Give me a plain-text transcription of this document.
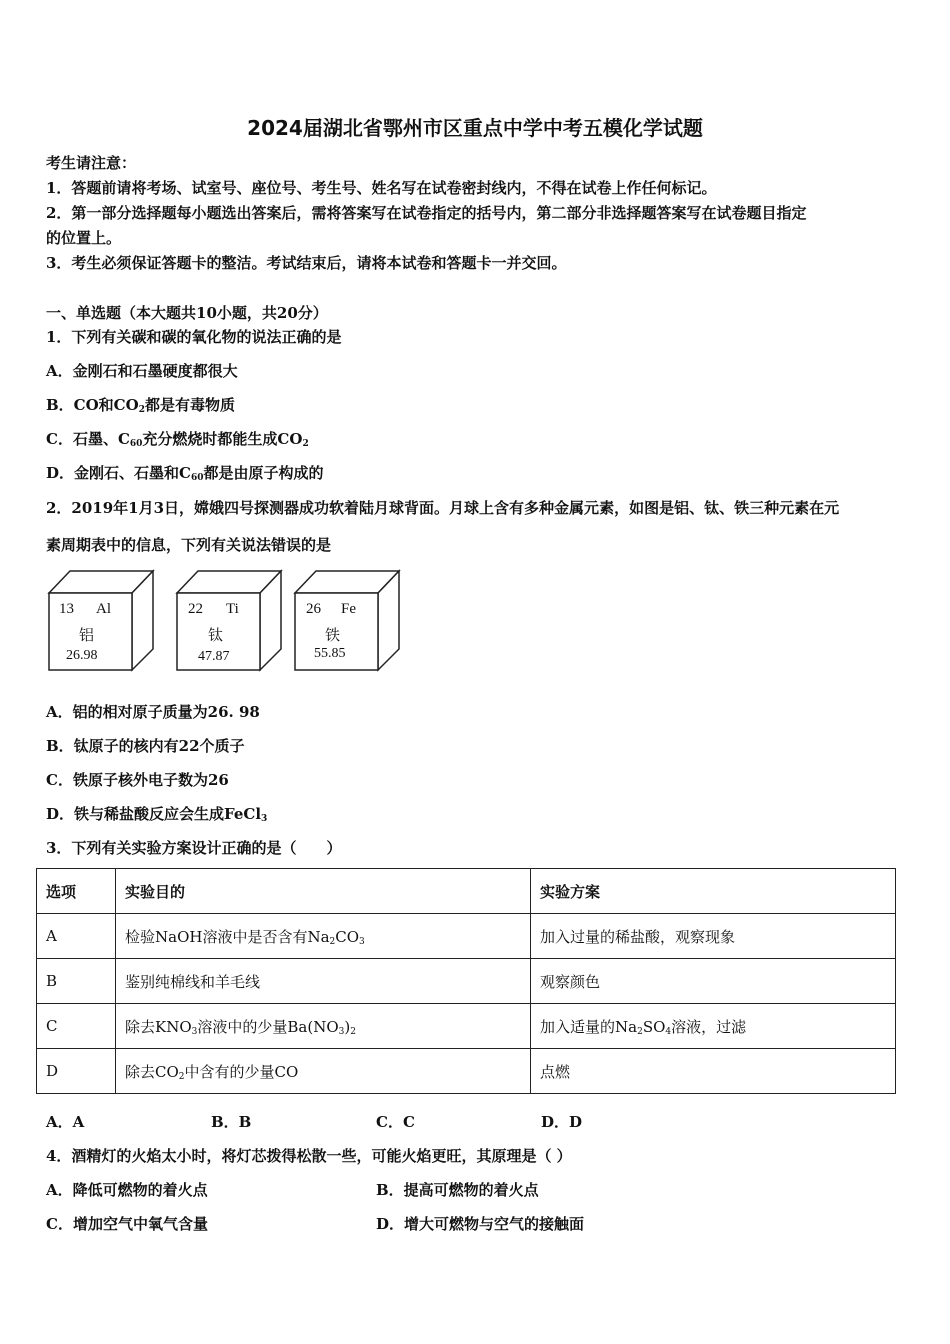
2024届湖北省鄂州市区重点中学中考五模化学试题
考生请注意：
1．答题前请将考场、试室号、座位号、考生号、姓名写在试卷密封线内，不得在试卷上作任何标记。
2．第一部分选择题每小题选出答案后，需将答案写在试卷指定的括号内，第二部分非选择题答案写在试卷题目指定
的位置上。
3．考生必须保证答题卡的整洁。考试结束后，请将本试卷和答题卡一并交回。
一、单选题（本大题共10小题，共20分）
1．下列有关碳和碳的氧化物的说法正确的是
A．金刚石和石墨硬度都很大
B．CO和$CO_2$都是有毒物质
C．石墨、$C_{60}$充分燃烧时都能生成$CO_2$
D．金刚石、石墨和$C_{60}$都是由原子构成的
2．2019年1月3日，嫦娥四号探测器成功软着陆月球背面。月球上含有多种金属元素，如图是铝、钛、铁三种元素在元
素周期表中的信息，下列有关说法错误的是
13 Al
铝
26.98
22 Ti
钛
47.87
26 Fe
铁
55.85
A．铝的相对原子质量为26. 98
B．钛原子的核内有22个质子
C．铁原子核外电子数为26
D．铁与稀盐酸反应会生成FeCl$_3$
3．下列有关实验方案设计正确的是（　　）
选项	实验目的	实验方案
A	检验NaOH溶液中是否含有$Na_2CO_3$	加入过量的稀盐酸，观察现象
B	鉴别纯棉线和羊毛线	观察颜色
C	除去$KNO_3$溶液中的少量$Ba(NO_3)_2$	加入适量的$Na_2SO_4$溶液，过滤
D	除去$CO_2$中含有的少量CO	点燃
A．A	B．B	C．C	D．D
4．酒精灯的火焰太小时，将灯芯拨得松散一些，可能火焰更旺，其原理是（ ）
A．降低可燃物的着火点	B．提高可燃物的着火点
C．增加空气中氧气含量	D．增大可燃物与空气的接触面
